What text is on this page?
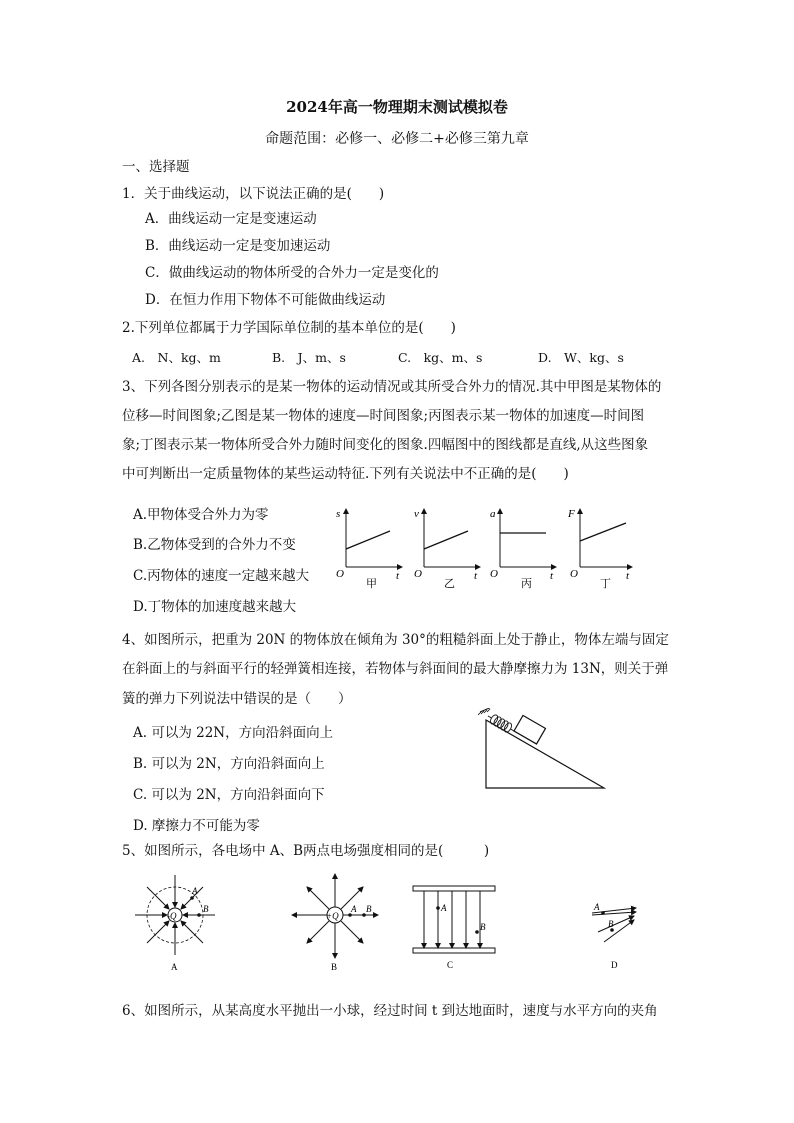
2024年高一物理期末测试模拟卷
命题范围：必修一、必修二+必修三第九章
一、选择题
1．关于曲线运动，以下说法正确的是(　　)
A．曲线运动一定是变速运动
B．曲线运动一定是变加速运动
C．做曲线运动的物体所受的合外力一定是变化的
D．在恒力作用下物体不可能做曲线运动
2.下列单位都属于力学国际单位制的基本单位的是(　　)
A.　N、kg、m	B.　J、m、s	C.　kg、m、s	D.　W、kg、s
3、下列各图分别表示的是某一物体的运动情况或其所受合外力的情况.其中甲图是某物体的
位移—时间图象;乙图是某一物体的速度—时间图象;丙图表示某一物体的加速度—时间图
象;丁图表示某一物体所受合外力随时间变化的图象.四幅图中的图线都是直线,从这些图象
中可判断出一定质量物体的某些运动特征.下列有关说法中不正确的是(　　)
A.甲物体受合外力为零
B.乙物体受到的合外力不变
C.丙物体的速度一定越来越大
D.丁物体的加速度越来越大
s
O	t
甲
v
O	t
乙
a
O	t
丙
F
O	t
丁
4、如图所示，把重为 20N 的物体放在倾角为 30°的粗糙斜面上处于静止，物体左端与固定
在斜面上的与斜面平行的轻弹簧相连接，若物体与斜面间的最大静摩擦力为 13N，则关于弹
簧的弹力下列说法中错误的是（　　）
A. 可以为 22N，方向沿斜面向上
B. 可以为 2N，方向沿斜面向上
C. 可以为 2N，方向沿斜面向下
D. 摩擦力不可能为零
5、如图所示，各电场中 A、B两点电场强度相同的是(　　　)
-Q
A
B
A
+Q
A B
B
A
B
C
A
B
D
6、如图所示，从某高度水平抛出一小球，经过时间 t 到达地面时，速度与水平方向的夹角
